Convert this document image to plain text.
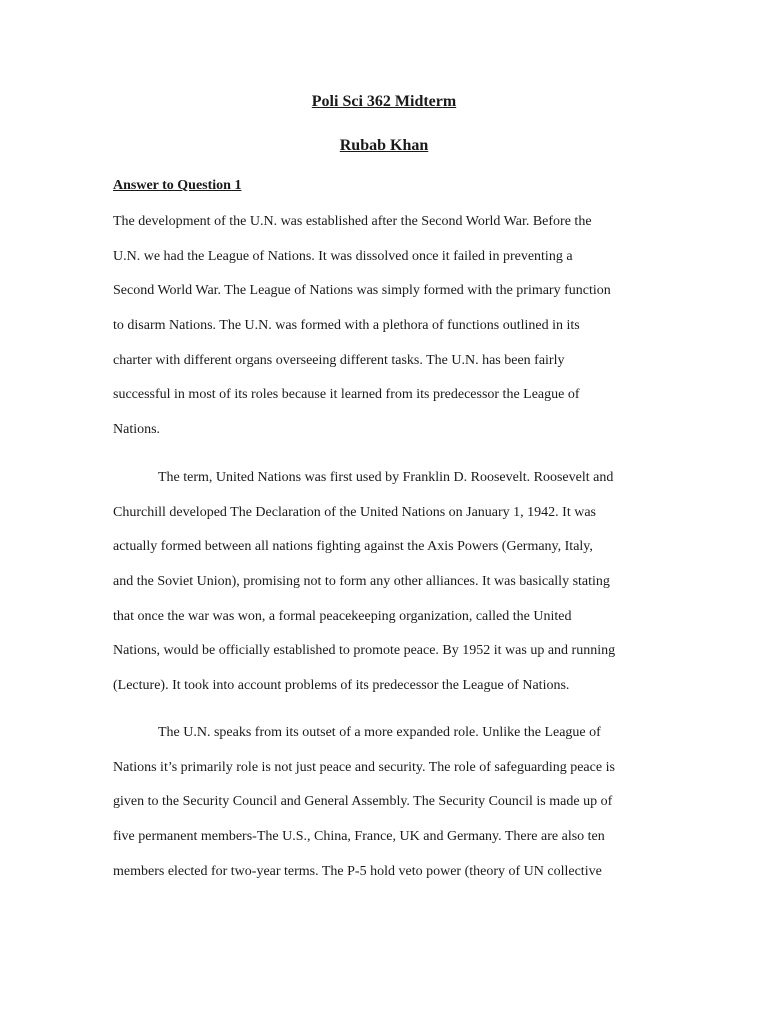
Poli Sci 362 Midterm
Rubab Khan
Answer to Question 1
The development of the U.N. was established after the Second World War. Before the
U.N. we had the League of Nations. It was dissolved once it failed in preventing a
Second World War. The League of Nations was simply formed with the primary function
to disarm Nations. The U.N. was formed with a plethora of functions outlined in its
charter with different organs overseeing different tasks. The U.N. has been fairly
successful in most of its roles because it learned from its predecessor the League of
Nations.
The term, United Nations was first used by Franklin D. Roosevelt. Roosevelt and
Churchill developed The Declaration of the United Nations on January 1, 1942. It was
actually formed between all nations fighting against the Axis Powers (Germany, Italy,
and the Soviet Union), promising not to form any other alliances. It was basically stating
that once the war was won, a formal peacekeeping organization, called the United
Nations, would be officially established to promote peace. By 1952 it was up and running
(Lecture). It took into account problems of its predecessor the League of Nations.
The U.N. speaks from its outset of a more expanded role. Unlike the League of
Nations it’s primarily role is not just peace and security. The role of safeguarding peace is
given to the Security Council and General Assembly. The Security Council is made up of
five permanent members-The U.S., China, France, UK and Germany. There are also ten
members elected for two-year terms. The P-5 hold veto power (theory of UN collective
